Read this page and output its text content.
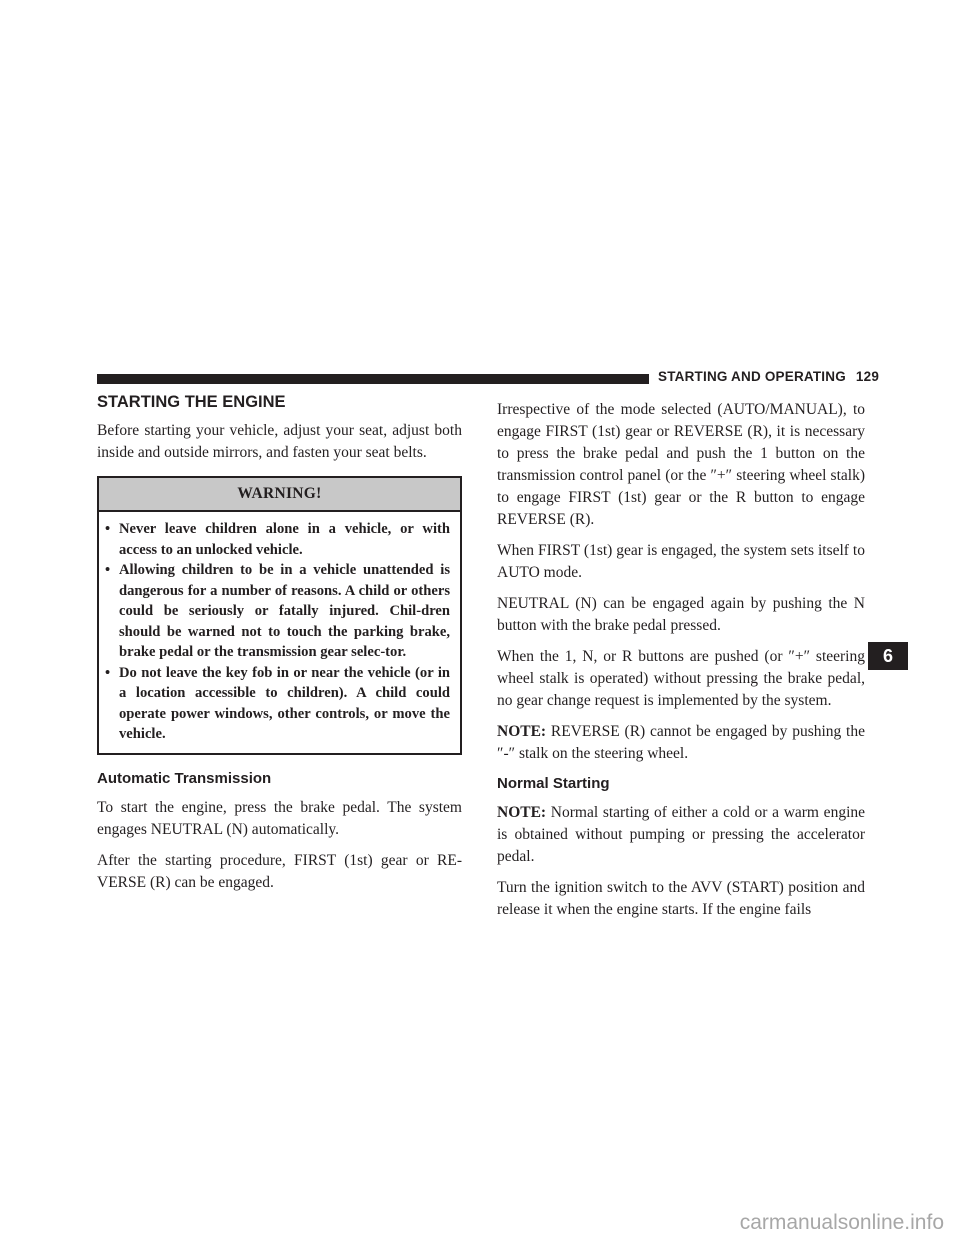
STARTING AND OPERATING 129
STARTING THE ENGINE

Before starting your vehicle, adjust your seat, adjust both inside and outside mirrors, and fasten your seat belts.

WARNING!
• Never leave children alone in a vehicle, or with access to an unlocked vehicle.
• Allowing children to be in a vehicle unattended is dangerous for a number of reasons. A child or others could be seriously or fatally injured. Chil-dren should be warned not to touch the parking brake, brake pedal or the transmission gear selec-tor.
• Do not leave the key fob in or near the vehicle (or in a location accessible to children). A child could operate power windows, other controls, or move the vehicle.
Automatic Transmission

To start the engine, press the brake pedal. The system engages NEUTRAL (N) automatically.

After the starting procedure, FIRST (1st) gear or RE-VERSE (R) can be engaged.

Irrespective of the mode selected (AUTO/MANUAL), to engage FIRST (1st) gear or REVERSE (R), it is necessary to press the brake pedal and push the 1 button on the transmission control panel (or the ″+″ steering wheel stalk) to engage FIRST (1st) gear or the R button to engage REVERSE (R).

When FIRST (1st) gear is engaged, the system sets itself to AUTO mode.

NEUTRAL (N) can be engaged again by pushing the N button with the brake pedal pressed.

When the 1, N, or R buttons are pushed (or ″+″ steering wheel stalk is operated) without pressing the brake pedal, no gear change request is implemented by the system.

NOTE: REVERSE (R) cannot be engaged by pushing the ″-″ stalk on the steering wheel.

Normal Starting

NOTE: Normal starting of either a cold or a warm engine is obtained without pumping or pressing the accelerator pedal.

Turn the ignition switch to the AVV (START) position and release it when the engine starts. If the engine fails

6
carmanualsonline.info
